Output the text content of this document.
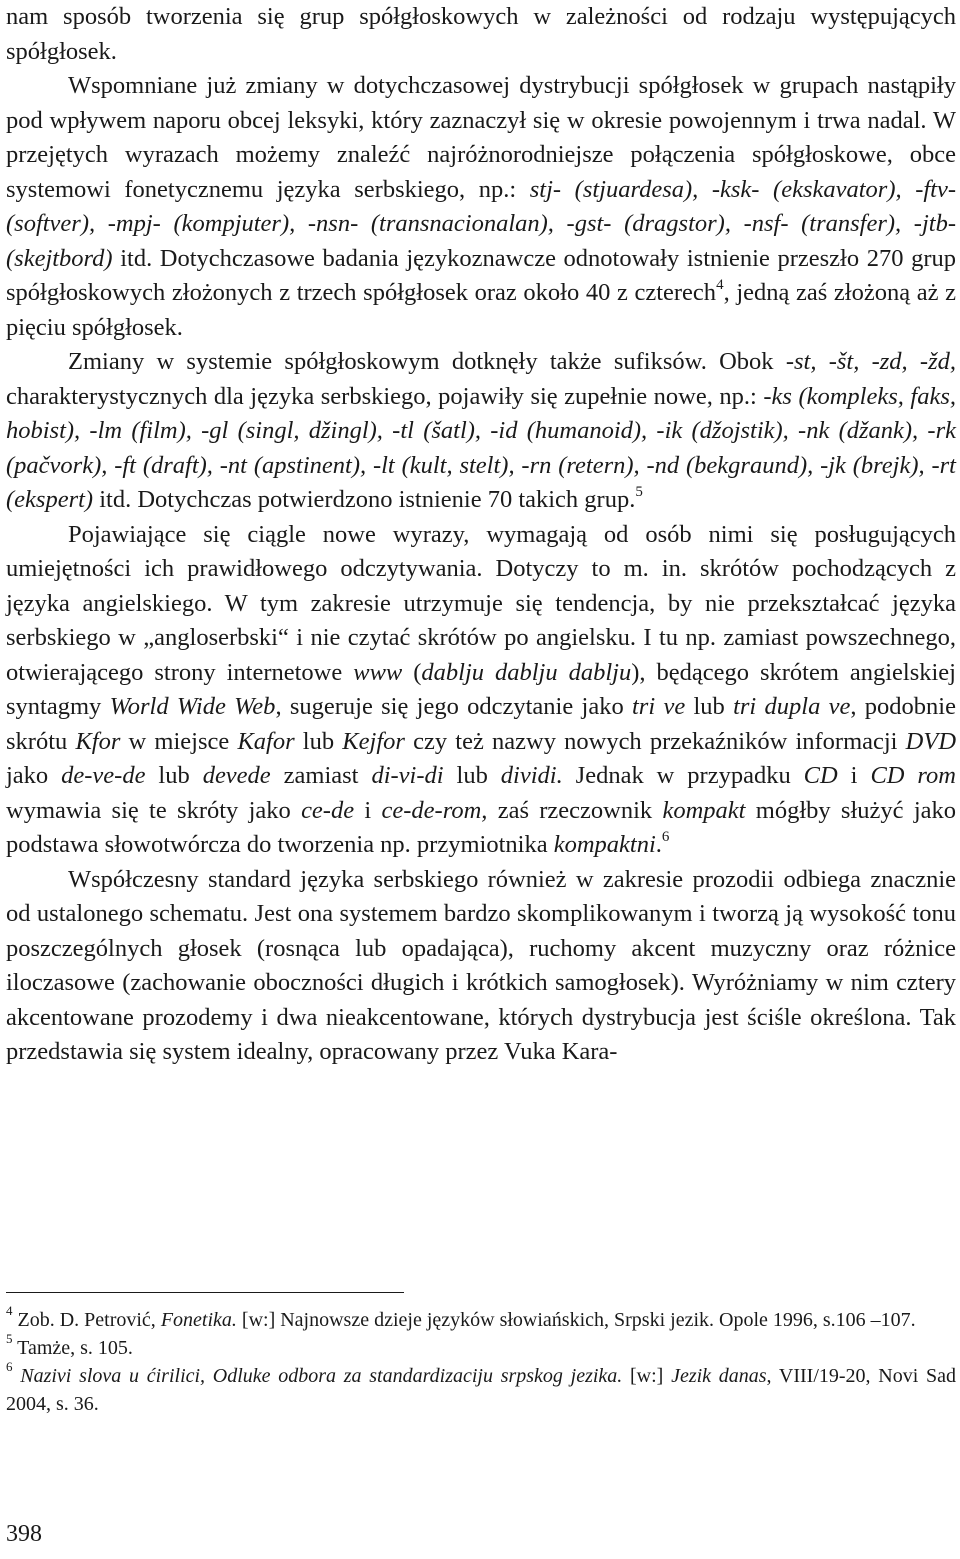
nam sposób tworzenia się grup spółgłoskowych w zależności od rodzaju występujących spółgłosek.

Wspomniane już zmiany w dotychczasowej dystrybucji spółgłosek w grupach nastąpiły pod wpływem naporu obcej leksyki, który zaznaczył się w okresie powojennym i trwa nadal. W przejętych wyrazach możemy znaleźć najróżnorodniejsze połączenia spółgłoskowe, obce systemowi fonetycznemu języka serbskiego, np.: stj- (stjuardesa), -ksk- (ekskavator), -ftv- (softver), -mpj- (kompjuter), -nsn- (transnacionalan), -gst- (dragstor), -nsf- (transfer), -jtb- (skejtbord) itd. Dotychczasowe badania językoznawcze odnotowały istnienie przeszło 270 grup spółgłoskowych złożonych z trzech spółgłosek oraz około 40 z czterech$^4$, jedną zaś złożoną aż z pięciu spółgłosek.

Zmiany w systemie spółgłoskowym dotknęły także sufiksów. Obok -st, -št, -zd, -žd, charakterystycznych dla języka serbskiego, pojawiły się zupełnie nowe, np.: -ks (kompleks, faks, hobist), -lm (film), -gl (singl, džingl), -tl (šatl), -id (humanoid), -ik (džojstik), -nk (džank), -rk (pačvork), -ft (draft), -nt (apstinent), -lt (kult, stelt), -rn (retern), -nd (bekgraund), -jk (brejk), -rt (ekspert) itd. Dotychczas potwierdzono istnienie 70 takich grup.$^5$

Pojawiające się ciągle nowe wyrazy, wymagają od osób nimi się posługujących umiejętności ich prawidłowego odczytywania. Dotyczy to m. in. skrótów pochodzących z języka angielskiego. W tym zakresie utrzymuje się tendencja, by nie przekształcać języka serbskiego w „angloserbski“ i nie czytać skrótów po angielsku. I tu np. zamiast powszechnego, otwierającego strony internetowe www (dablju dablju dablju), będącego skrótem angielskiej syntagmy World Wide Web, sugeruje się jego odczytanie jako tri ve lub tri dupla ve, podobnie skrótu Kfor w miejsce Kafor lub Kejfor czy też nazwy nowych przekaźników informacji DVD jako de-ve-de lub devede zamiast di-vi-di lub dividi. Jednak w przypadku CD i CD rom wymawia się te skróty jako ce-de i ce-de-rom, zaś rzeczownik kompakt mógłby służyć jako podstawa słowotwórcza do tworzenia np. przymiotnika kompaktni.$^6$

Współczesny standard języka serbskiego również w zakresie prozodii odbiega znacznie od ustalonego schematu. Jest ona systemem bardzo skomplikowanym i tworzą ją wysokość tonu poszczególnych głosek (rosnąca lub opadająca), ruchomy akcent muzyczny oraz różnice iloczasowe (zachowanie oboczności długich i krótkich samogłosek). Wyróżniamy w nim cztery akcentowane prozodemy i dwa nieakcentowane, których dystrybucja jest ściśle określona. Tak przedstawia się system idealny, opracowany przez Vuka Kara-

$^4$ Zob. D. Petrović, Fonetika. [w:] Najnowsze dzieje języków słowiańskich, Srpski jezik. Opole 1996, s.106 –107.

$^5$ Tamże, s. 105.

$^6$ Nazivi slova u ćirilici, Odluke odbora za standardizaciju srpskog jezika. [w:] Jezik danas, VIII/19-20, Novi Sad 2004, s. 36.

398
